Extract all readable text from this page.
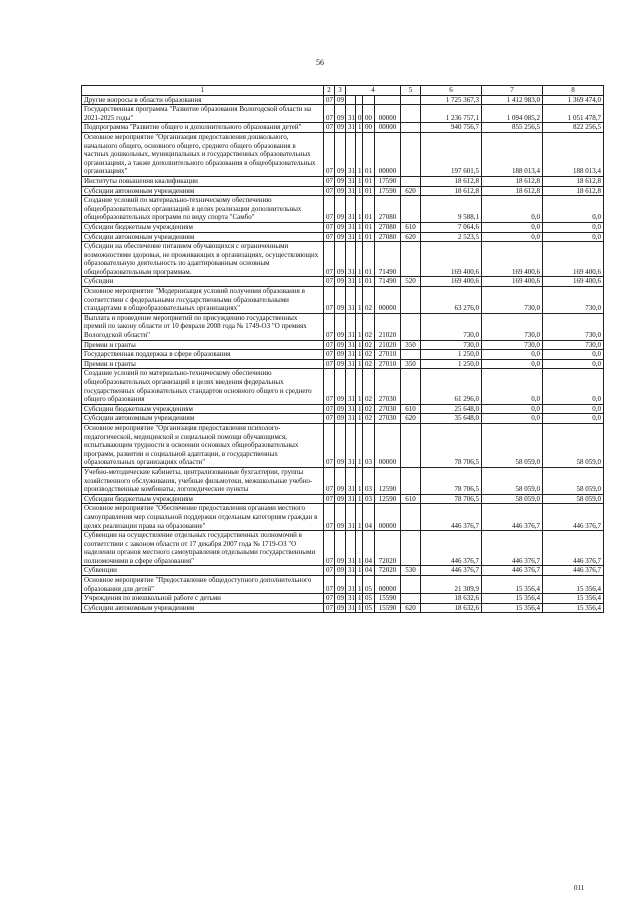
56
1	2	3	4				5	6	7	8
Другие вопросы в области образования	07	09						1 725 367,3	1 412 983,0	1 369 474,0
Государственная программа "Развитие образования Вологодской области на 2021-2025 годы"	07	09	31	0	00	00000		1 236 757,1	1 094 085,2	1 051 478,7
Подпрограмма "Развитие общего и дополнительного образования детей"	07	09	31	1	00	00000		940 756,7	855 256,5	822 256,5
Основное мероприятие "Организация предоставления дошкольного, начального общего, основного общего, среднего общего образования в частных дошкольных, муниципальных и государственных образовательных организациях, а также дополнительного образования в общеобразовательных организациях"	07	09	31	1	01	00000		197 601,5	188 013,4	188 013,4
Институты повышения квалификации	07	09	31	1	01	17590		18 612,8	18 612,8	18 612,8
Субсидии автономным учреждениям	07	09	31	1	01	17590	620	18 612,8	18 612,8	18 612,8
Создание условий по материально-техническому обеспечению общеобразовательных организаций в целях реализации дополнительных общеобразовательных программ по виду спорта "Самбо"	07	09	31	1	01	27080		9 588,1	0,0	0,0
Субсидии бюджетным учреждениям	07	09	31	1	01	27080	610	7 064,6	0,0	0,0
Субсидии автономным учреждениям	07	09	31	1	01	27080	620	2 523,5	0,0	0,0
Субсидии на обеспечение питанием обучающихся с ограниченными возможностями здоровья, не проживающих в организациях, осуществляющих образовательную деятельность по адаптированным основным общеобразовательным программам.	07	09	31	1	01	71490		169 400,6	169 400,6	169 400,6
Субсидии	07	09	31	1	01	71490	520	169 400,6	169 400,6	169 400,6
Основное мероприятие "Модернизация условий получения образования в соответствии с федеральными государственными образовательными стандартами в общеобразовательных организациях"	07	09	31	1	02	00000		63 276,0	730,0	730,0
Выплата и проведение мероприятий по присуждению государственных премий по закону области от 10 февраля 2008 года № 1749-ОЗ "О премиях Вологодской области"	07	09	31	1	02	21020		730,0	730,0	730,0
Премии и гранты	07	09	31	1	02	21020	350	730,0	730,0	730,0
Государственная поддержка в сфере образования	07	09	31	1	02	27010		1 250,0	0,0	0,0
Премии и гранты	07	09	31	1	02	27010	350	1 250,0	0,0	0,0
Создание условий по материально-техническому обеспечению общеобразовательных организаций в целях введения федеральных государственных образовательных стандартов основного общего и среднего общего образования	07	09	31	1	02	27030		61 296,0	0,0	0,0
Субсидии бюджетным учреждениям	07	09	31	1	02	27030	610	25 648,0	0,0	0,0
Субсидии автономным учреждениям	07	09	31	1	02	27030	620	35 648,0	0,0	0,0
Основное мероприятие "Организация предоставления психолого-педагогической, медицинской и социальной помощи обучающимся, испытывающим трудности в освоении основных общеобразовательных программ, развитии и социальной адаптации, в государственных образовательных организациях области"	07	09	31	1	03	00000		78 706,5	58 059,0	58 059,0
Учебно-методические кабинеты, централизованные бухгалтерии, группы хозяйственного обслуживания, учебные фильмотеки, межшкольные учебно-производственные комбинаты, логопедические пункты	07	09	31	1	03	12590		78 706,5	58 059,0	58 059,0
Субсидии бюджетным учреждениям	07	09	31	1	03	12590	610	78 706,5	58 059,0	58 059,0
Основное мероприятие "Обеспечение предоставления органами местного самоуправления мер социальной поддержки отдельным категориям граждан в целях реализации права на образование"	07	09	31	1	04	00000		446 376,7	446 376,7	446 376,7
Субвенции на осуществление отдельных государственных полномочий в соответствии с законом области от 17 декабря 2007 года № 1719-ОЗ "О наделении органов местного самоуправления отдельными государственными полномочиями в сфере образования"	07	09	31	1	04	72020		446 376,7	446 376,7	446 376,7
Субвенции	07	09	31	1	04	72020	530	446 376,7	446 376,7	446 376,7
Основное мероприятие "Предоставление общедоступного дополнительного образования для детей"	07	09	31	1	05	00000		21 309,9	15 356,4	15 356,4
Учреждения по внешкольной работе с детьми	07	09	31	1	05	15590		18 632,6	15 356,4	15 356,4
Субсидии автономным учреждениям	07	09	31	1	05	15590	620	18 632,6	15 356,4	15 356,4
011
